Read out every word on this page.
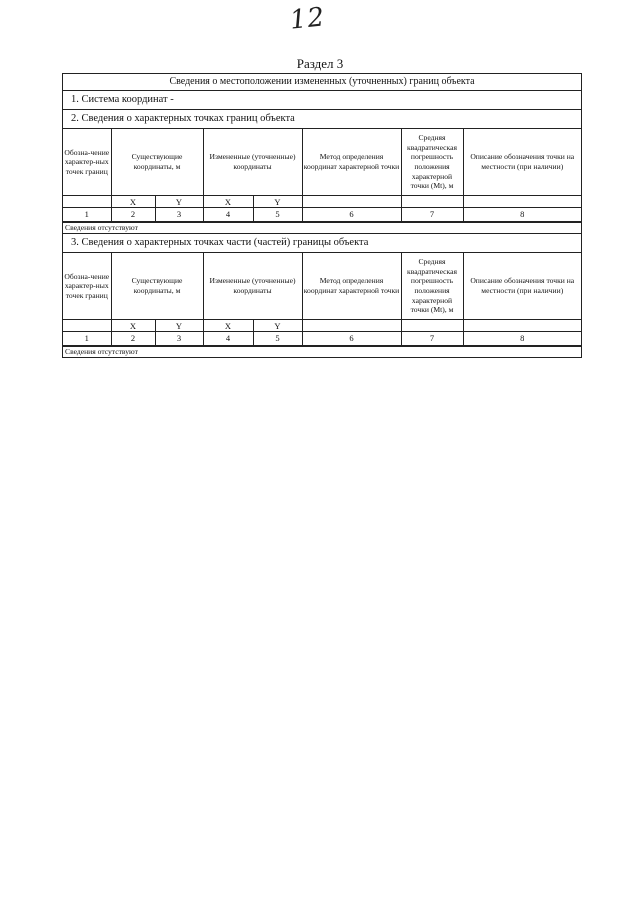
12
Раздел 3
Сведения о местоположении измененных (уточненных) границ объекта
1. Система координат -
2. Сведения о характерных точках границ объекта
Обозна-чение характер-ных точек границ	Существующие координаты, м		Измененные (уточненные) координаты		Метод определения координат характерной точки	Средняя квадратическая погрешность положения характерной точки (Mt), м	Описание обозначения точки на местности (при наличии)
	X	Y	X	Y			
1	2	3	4	5	6	7	8
Сведения отсутствуют
3. Сведения о характерных точках части (частей) границы объекта
Обозна-чение характер-ных точек границ	Существующие координаты, м		Измененные (уточненные) координаты		Метод определения координат характерной точки	Средняя квадратическая погрешность положения характерной точки (Mt), м	Описание обозначения точки на местности (при наличии)
	X	Y	X	Y			
1	2	3	4	5	6	7	8
Сведения отсутствуют
